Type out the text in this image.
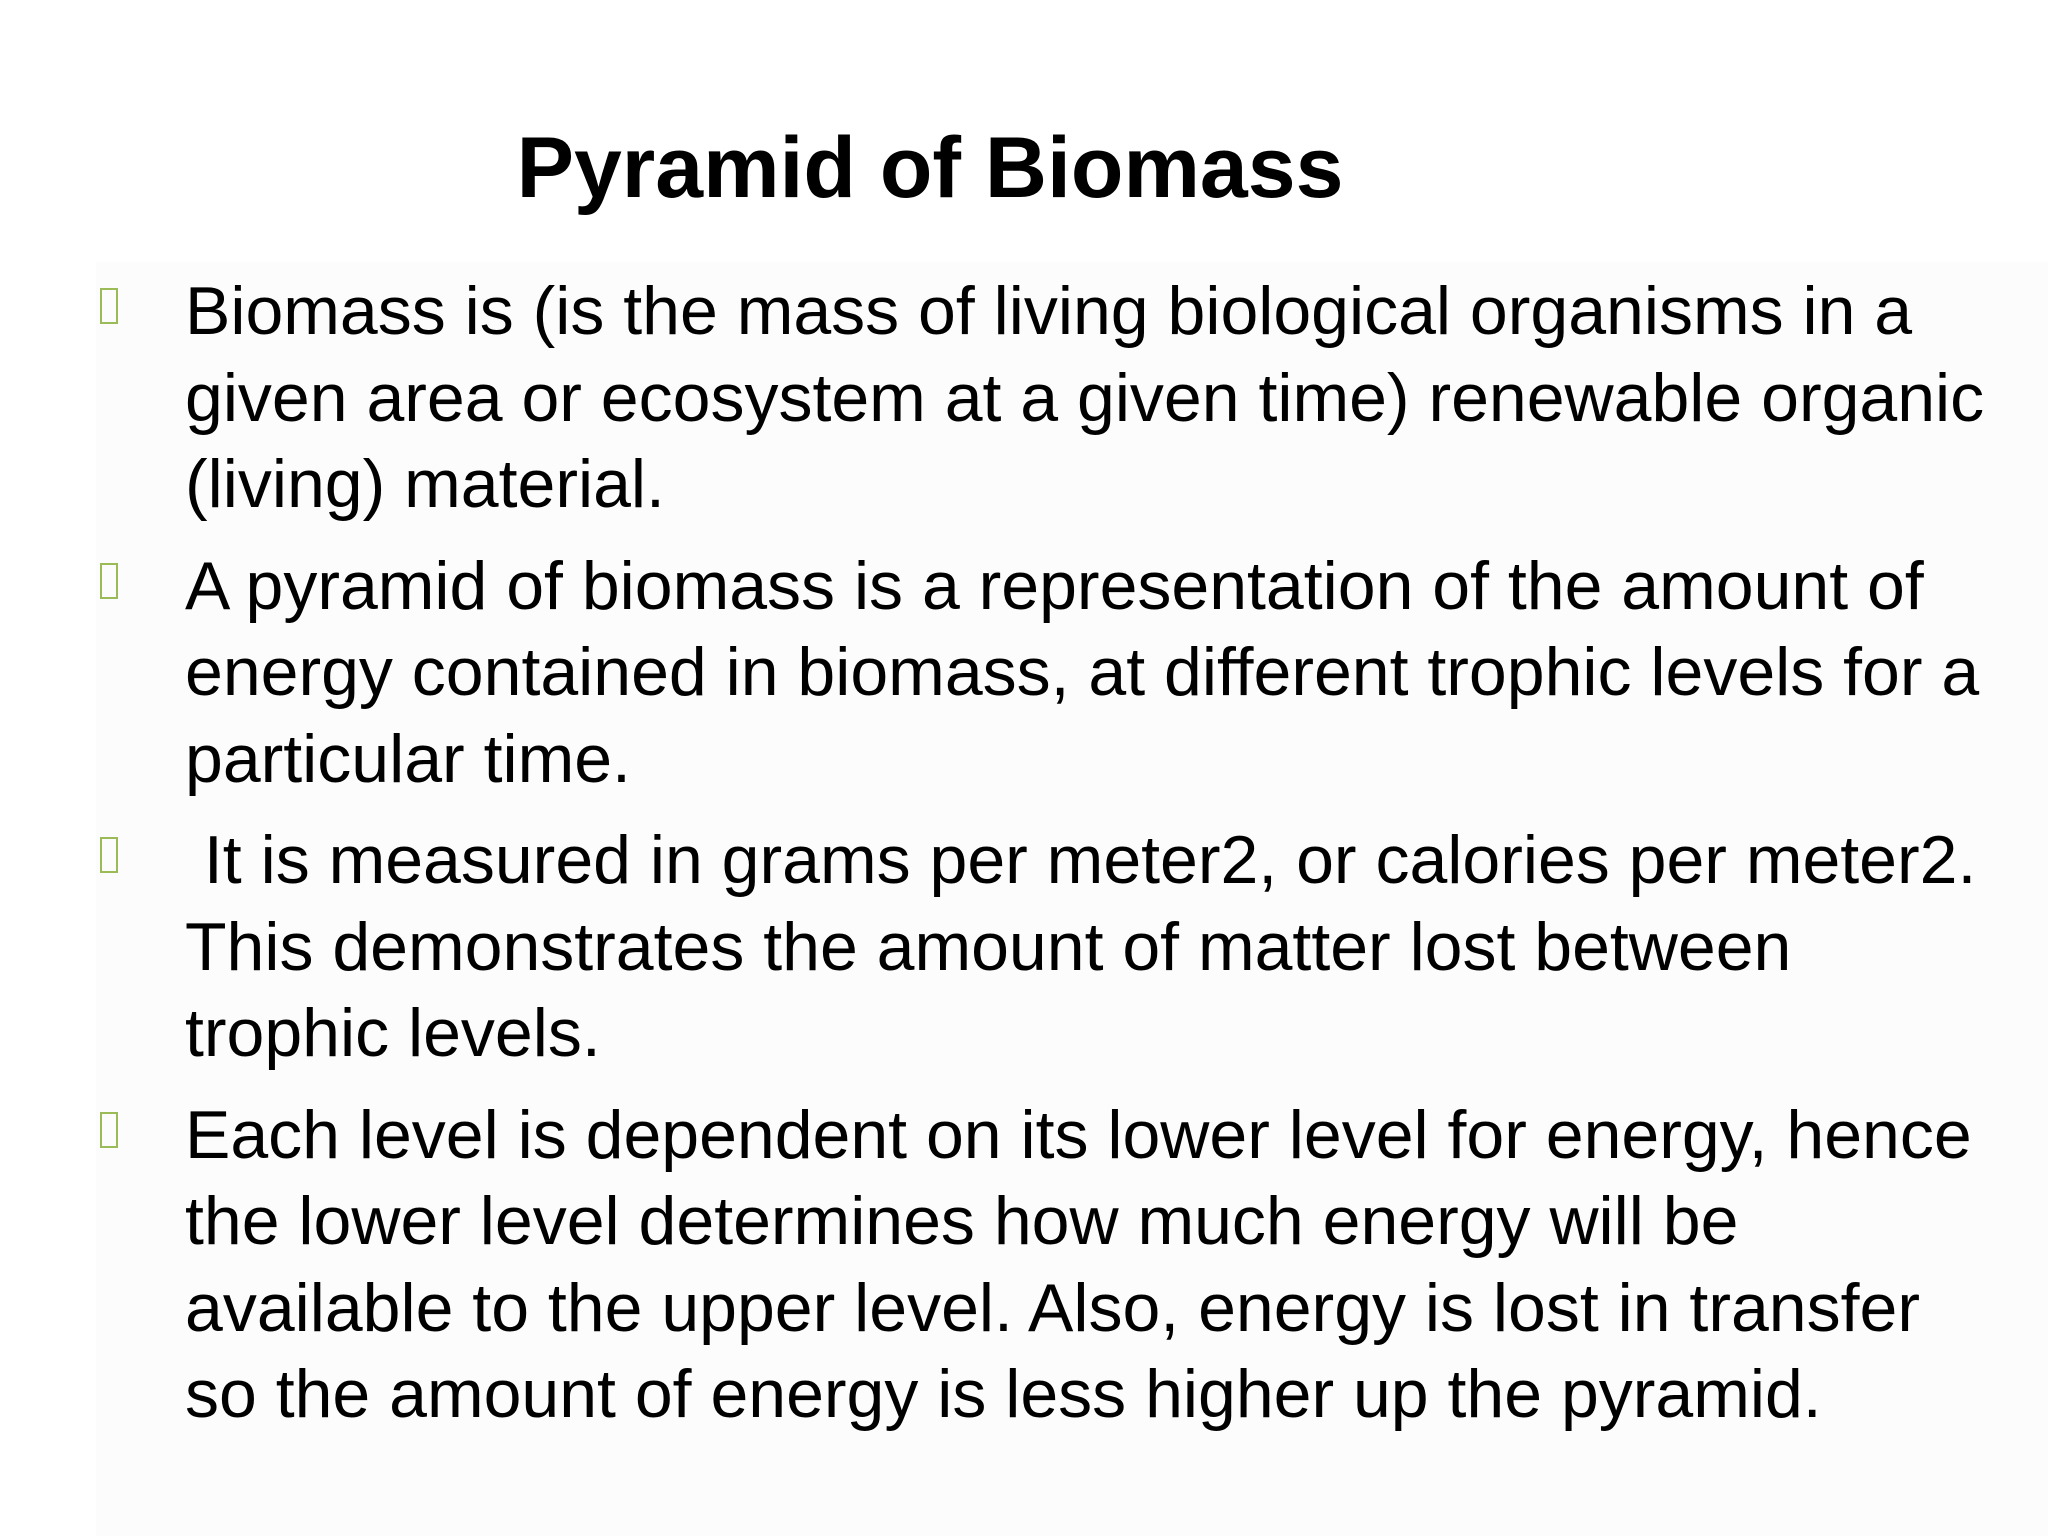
Pyramid of Biomass
Biomass is (is the mass of living biological organisms in a given area or ecosystem at a given time) renewable organic (living) material.
A pyramid of biomass is a representation of the amount of energy contained in biomass, at different trophic levels for a particular time.
It is measured in grams per meter2, or calories per meter2. This demonstrates the amount of matter lost between trophic levels.
Each level is dependent on its lower level for energy, hence the lower level determines how much energy will be available to the upper level. Also, energy is lost in transfer so the amount of energy is less higher up the pyramid.
